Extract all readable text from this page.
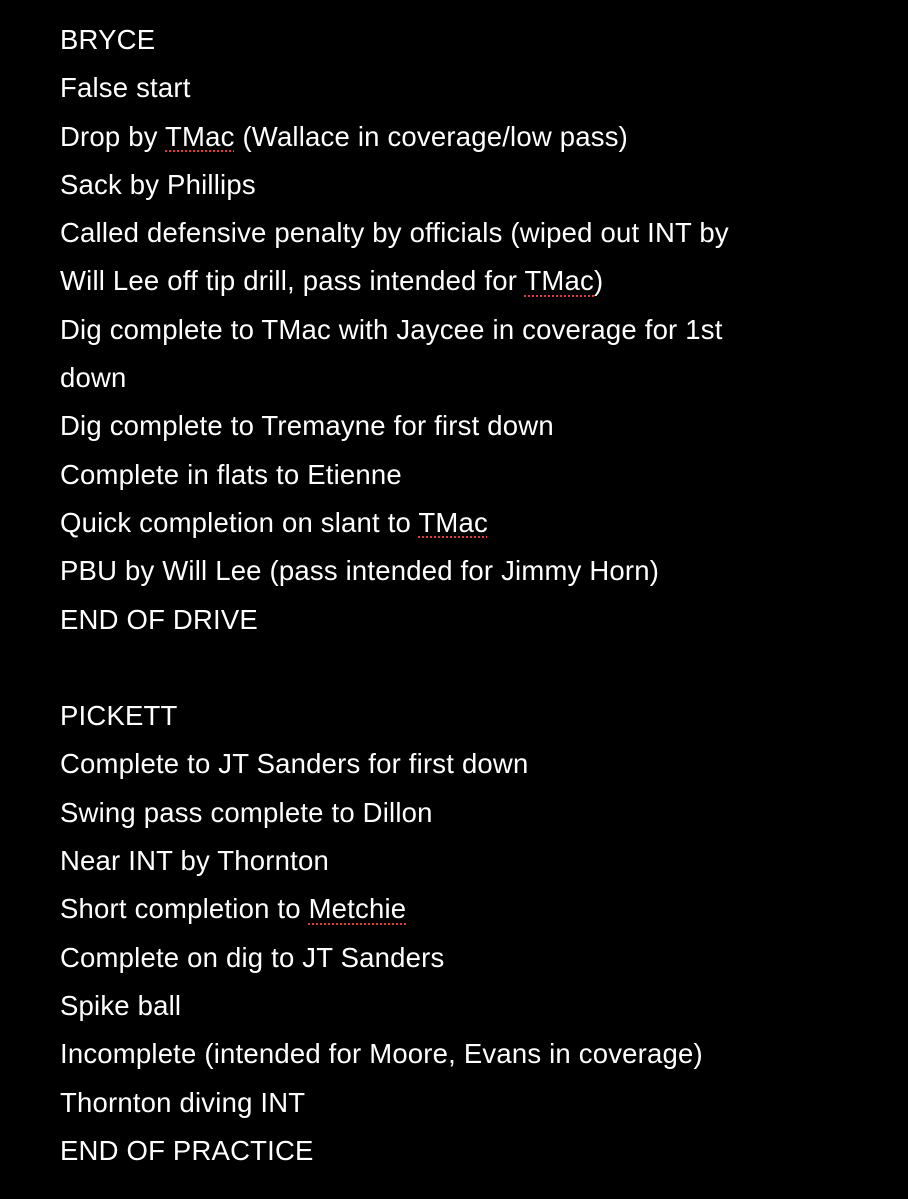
BRYCE
False start
Drop by TMac (Wallace in coverage/low pass)
Sack by Phillips
Called defensive penalty by officials (wiped out INT by
Will Lee off tip drill, pass intended for TMac)
Dig complete to TMac with Jaycee in coverage for 1st
down
Dig complete to Tremayne for first down
Complete in flats to Etienne
Quick completion on slant to TMac
PBU by Will Lee (pass intended for Jimmy Horn)
END OF DRIVE
PICKETT
Complete to JT Sanders for first down
Swing pass complete to Dillon
Near INT by Thornton
Short completion to Metchie
Complete on dig to JT Sanders
Spike ball
Incomplete (intended for Moore, Evans in coverage)
Thornton diving INT
END OF PRACTICE
